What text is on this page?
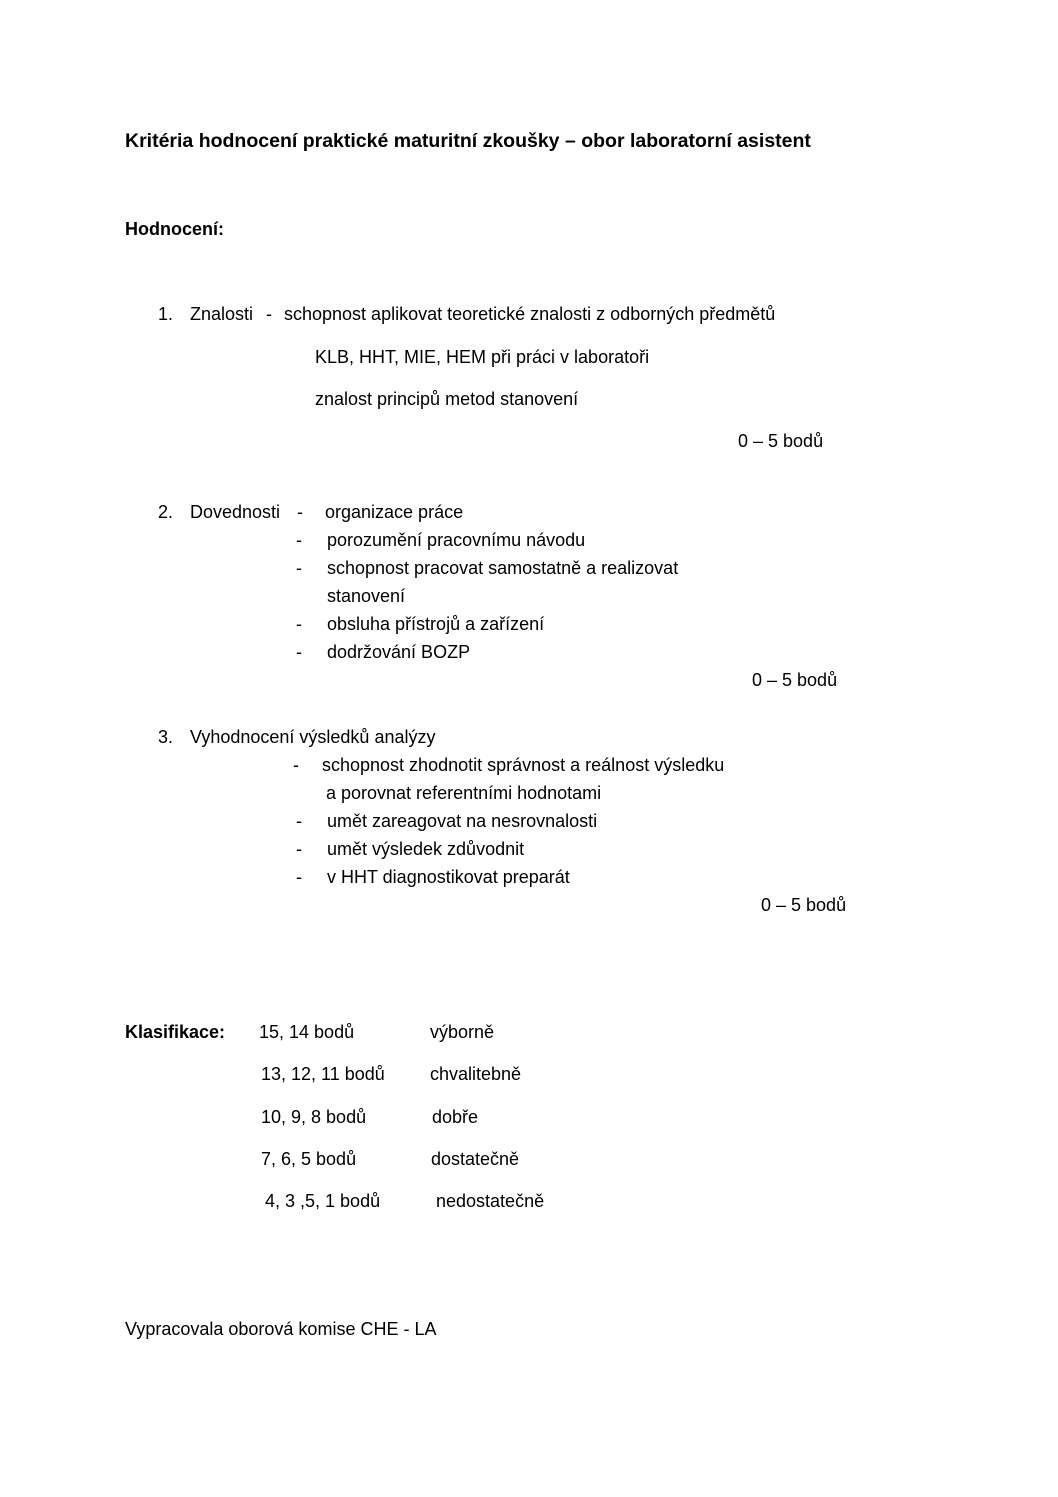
Kritéria hodnocení praktické maturitní zkoušky – obor laboratorní asistent
Hodnocení:
1. Znalosti - schopnost aplikovat teoretické znalosti z odborných předmětů
KLB, HHT, MIE, HEM při práci v laboratoři
znalost principů metod stanovení
0 – 5 bodů
2. Dovednosti - organizace práce
- porozumění pracovnímu návodu
- schopnost pracovat samostatně a realizovat
stanovení
- obsluha přístrojů a zařízení
- dodržování BOZP
0 – 5 bodů
3. Vyhodnocení výsledků analýzy
- schopnost zhodnotit správnost a reálnost výsledku
a porovnat referentními hodnotami
- umět zareagovat na nesrovnalosti
- umět výsledek zdůvodnit
- v HHT diagnostikovat preparát
0 – 5 bodů
Klasifikace: 15, 14 bodů	výborně
13, 12, 11 bodů	chvalitebně
10, 9, 8 bodů	dobře
7, 6, 5 bodů	dostatečně
4, 3 ,5, 1 bodů	nedostatečně
Vypracovala oborová komise CHE - LA
